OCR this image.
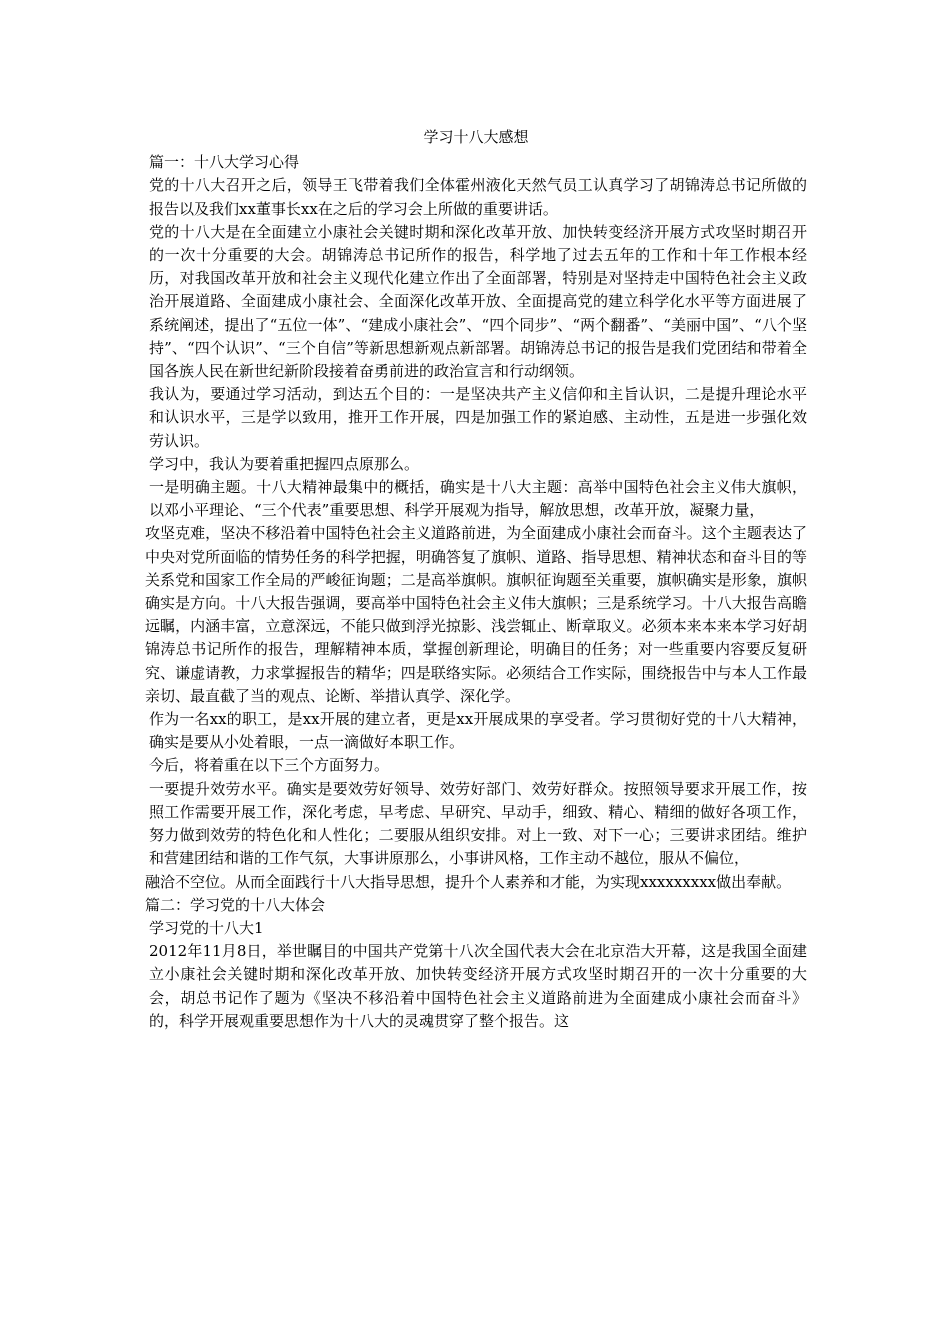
学习十八大感想

篇一：十八大学习心得

党的十八大召开之后，领导王飞带着我们全体霍州液化天然气员工认真学习了胡锦涛总书记所做的报告以及我们xx董事长xx在之后的学习会上所做的重要讲话。

党的十八大是在全面建立小康社会关键时期和深化改革开放、加快转变经济开展方式攻坚时期召开的一次十分重要的大会。胡锦涛总书记所作的报告，科学地了过去五年的工作和十年工作根本经历，对我国改革开放和社会主义现代化建立作出了全面部署，特别是对坚持走中国特色社会主义政治开展道路、全面建成小康社会、全面深化改革开放、全面提高党的建立科学化水平等方面进展了系统阐述，提出了“五位一体”、“建成小康社会”、“四个同步”、“两个翻番”、“美丽中国”、“八个坚持”、“四个认识”、“三个自信”等新思想新观点新部署。胡锦涛总书记的报告是我们党团结和带着全国各族人民在新世纪新阶段接着奋勇前进的政治宣言和行动纲领。

我认为，要通过学习活动，到达五个目的：一是坚决共产主义信仰和主旨认识，二是提升理论水平和认识水平，三是学以致用，推开工作开展，四是加强工作的紧迫感、主动性，五是进一步强化效劳认识。

学习中，我认为要着重把握四点原那么。

一是明确主题。十八大精神最集中的概括，确实是十八大主题：高举中国特色社会主义伟大旗帜，以邓小平理论、“三个代表”重要思想、科学开展观为指导，解放思想，改革开放，凝聚力量，

攻坚克难，坚决不移沿着中国特色社会主义道路前进，为全面建成小康社会而奋斗。这个主题表达了中央对党所面临的情势任务的科学把握，明确答复了旗帜、道路、指导思想、精神状态和奋斗目的等关系党和国家工作全局的严峻征询题；二是高举旗帜。旗帜征询题至关重要，旗帜确实是形象，旗帜确实是方向。十八大报告强调，要高举中国特色社会主义伟大旗帜；三是系统学习。十八大报告高瞻远瞩，内涵丰富，立意深远，不能只做到浮光掠影、浅尝辄止、断章取义。必须本来本来本学习好胡锦涛总书记所作的报告，理解精神本质，掌握创新理论，明确目的任务；对一些重要内容要反复研究、谦虚请教，力求掌握报告的精华；四是联络实际。必须结合工作实际，围绕报告中与本人工作最亲切、最直截了当的观点、论断、举措认真学、深化学。

作为一名xx的职工，是xx开展的建立者，更是xx开展成果的享受者。学习贯彻好党的十八大精神，确实是要从小处着眼，一点一滴做好本职工作。

今后，将着重在以下三个方面努力。

一要提升效劳水平。确实是要效劳好领导、效劳好部门、效劳好群众。按照领导要求开展工作，按照工作需要开展工作，深化考虑，早考虑、早研究、早动手，细致、精心、精细的做好各项工作，努力做到效劳的特色化和人性化；二要服从组织安排。对上一致、对下一心；三要讲求团结。维护和营建团结和谐的工作气氛，大事讲原那么，小事讲风格，工作主动不越位，服从不偏位，

融洽不空位。从而全面践行十八大指导思想，提升个人素养和才能，为实现xxxxxxxxx做出奉献。

篇二：学习党的十八大体会

学习党的十八大1

2012年11月8日，举世瞩目的中国共产党第十八次全国代表大会在北京浩大开幕，这是我国全面建立小康社会关键时期和深化改革开放、加快转变经济开展方式攻坚时期召开的一次十分重要的大会，胡总书记作了题为《坚决不移沿着中国特色社会主义道路前进为全面建成小康社会而奋斗》的，科学开展观重要思想作为十八大的灵魂贯穿了整个报告。这
